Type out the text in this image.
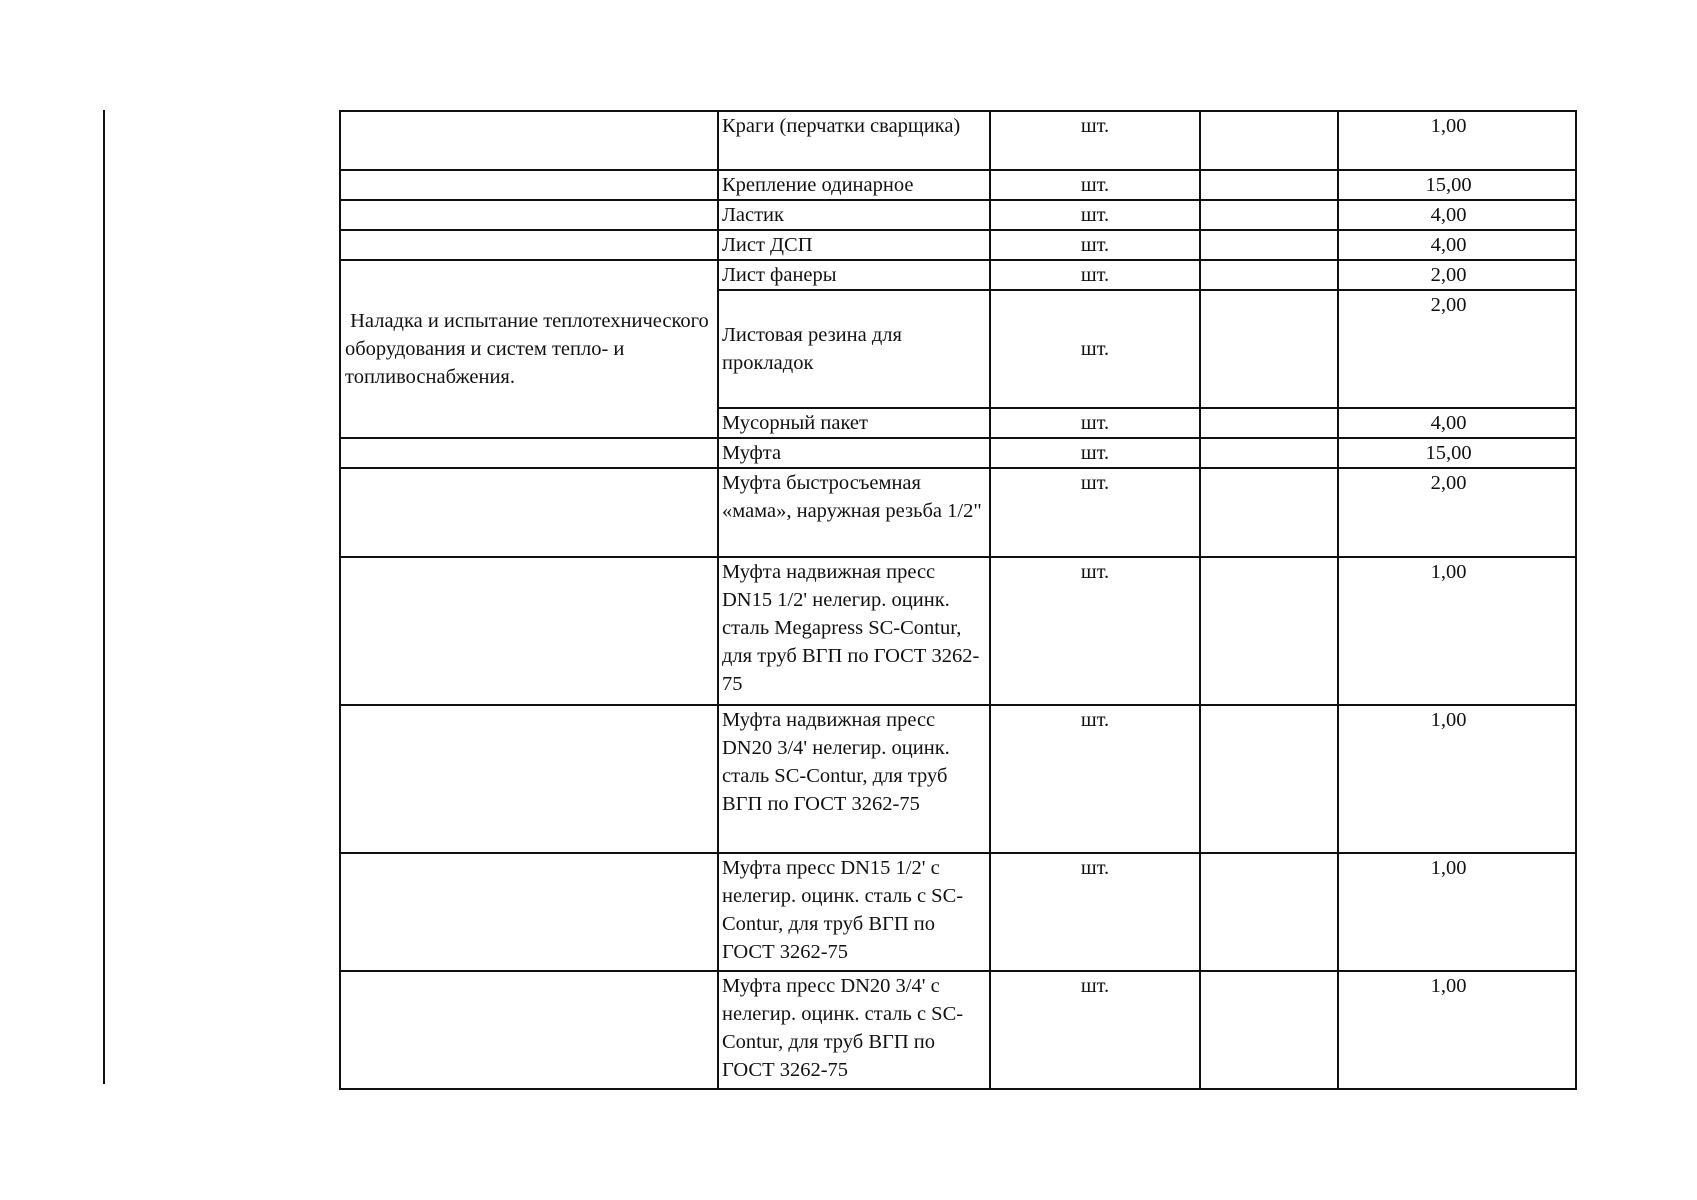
	Краги (перчатки сварщика)	шт.		1,00
	Крепление одинарное	шт.		15,00
	Ластик	шт.		4,00
	Лист ДСП	шт.		4,00
Наладка и испытание теплотехнического оборудования и систем тепло- и топливоснабжения.	Лист фанеры	шт.		2,00
	Листовая резина для прокладок	шт.		2,00
	Мусорный пакет	шт.		4,00
	Муфта	шт.		15,00
	Муфта быстросъемная «мама», наружная резьба 1/2"	шт.		2,00
	Муфта надвижная пресс DN15 1/2' нелегир. оцинк. сталь Megapress SC-Contur, для труб ВГП по ГОСТ 3262-75	шт.		1,00
	Муфта надвижная пресс DN20 3/4' нелегир. оцинк. сталь SC-Contur, для труб ВГП по ГОСТ 3262-75	шт.		1,00
	Муфта пресс DN15 1/2' с нелегир. оцинк. сталь с SC-Contur, для труб ВГП по ГОСТ 3262-75	шт.		1,00
	Муфта пресс DN20 3/4' с нелегир. оцинк. сталь с SC-Contur, для труб ВГП по ГОСТ 3262-75	шт.		1,00
